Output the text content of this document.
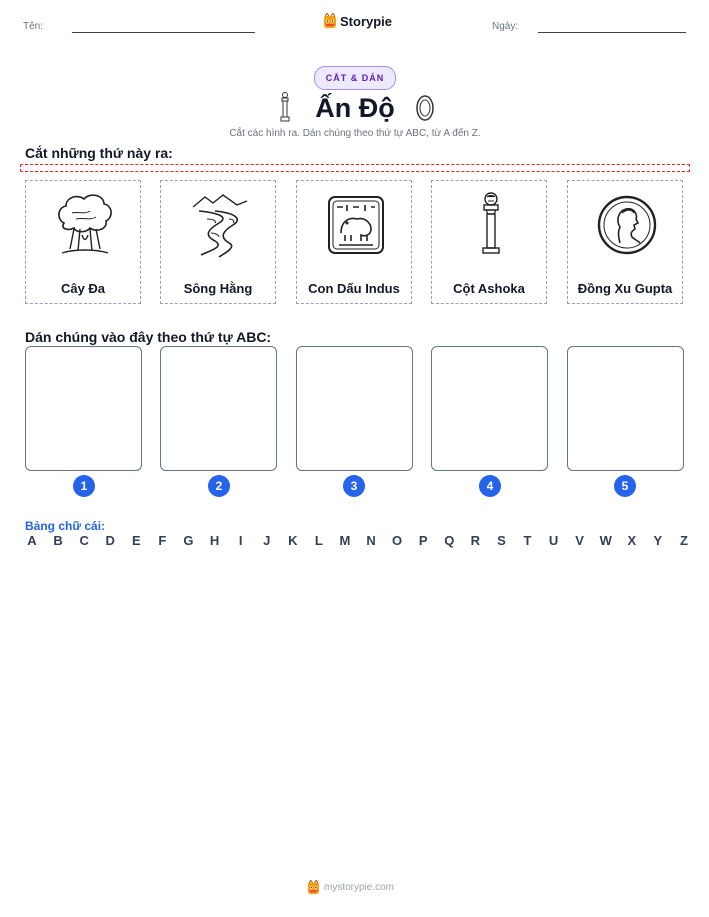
Tên:	Storypie	Ngày:
CẮT & DÁN
Ấn Độ
Cắt các hình ra. Dán chúng theo thứ tự ABC, từ A đến Z.
Cắt những thứ này ra:
Cây Đa	Sông Hằng	Con Dấu Indus	Cột Ashoka	Đồng Xu Gupta
Dán chúng vào đây theo thứ tự ABC:
1	2	3	4	5
Bảng chữ cái:
A B C D E F G H	I	J K L M N O P Q R S T U V W X Y Z
mystorypie.com
